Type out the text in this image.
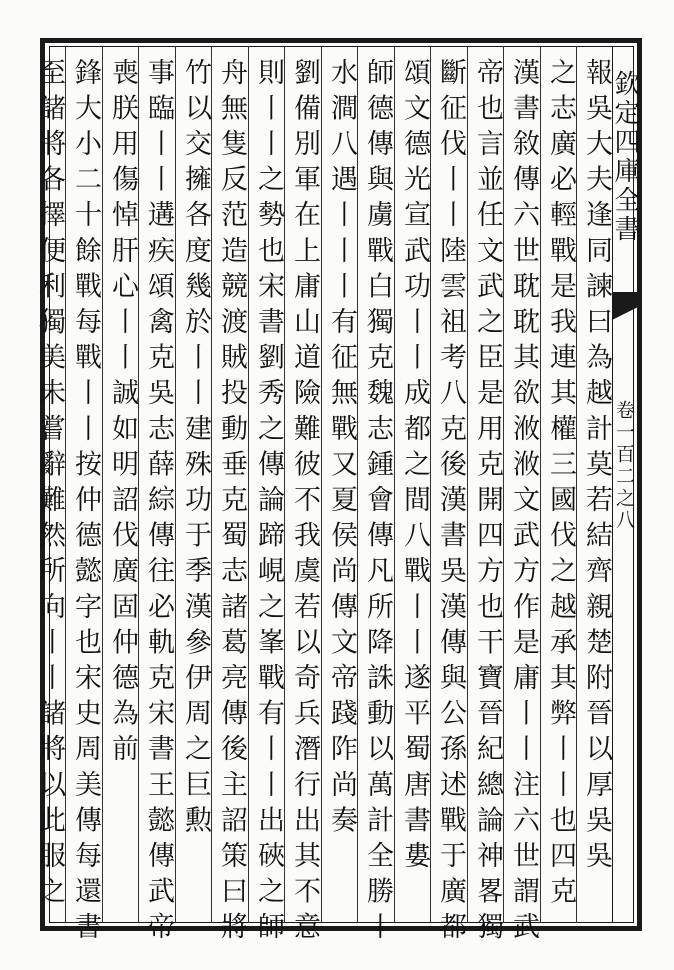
欽定四庫全書
卷一百二之八
報吳大夫逢同諫曰為越計莫若結齊親楚附晉以厚吳吳
之志廣必輕戰是我連其權三國伐之越承其弊丨丨也四克
漢書敘傳六世耽耽其欲浟浟文武方作是庸丨丨注六世謂武
帝也言並任文武之臣是用克開四方也干寶晉紀總論神畧獨
斷征伐丨丨陸雲祖考八克後漢書吳漢傳與公孫述戰于廣都
頌文德光宣武功丨丨成都之間八戰丨丨遂平蜀唐書婁
師德傳與虜戰白獨克魏志鍾會傳凡所降誅動以萬計全勝丨
水澗八遇丨丨丨有征無戰又夏侯尚傳文帝踐阼尚奏
劉備別軍在上庸山道險難彼不我虞若以奇兵潛行出其不意
則丨丨之勢也宋書劉秀之傳論蹄峴之峯戰有丨丨出硤之師
舟無隻反范造競渡賊投動垂克蜀志諸葛亮傳後主詔策曰將
竹以交擁各度幾於丨丨建殊功于季漢參伊周之巨勲
事臨丨丨遘疾頌禽克吳志薛綜傳往必軌克宋書王懿傳武帝
喪朕用傷悼肝心丨丨誠如明詔伐廣固仲德為前
鋒大小二十餘戰每戰丨丨按仲德懿字也宋史周美傳每還書
至諸將各擇便利獨美未嘗辭難然所向丨丨諸將以此服之
